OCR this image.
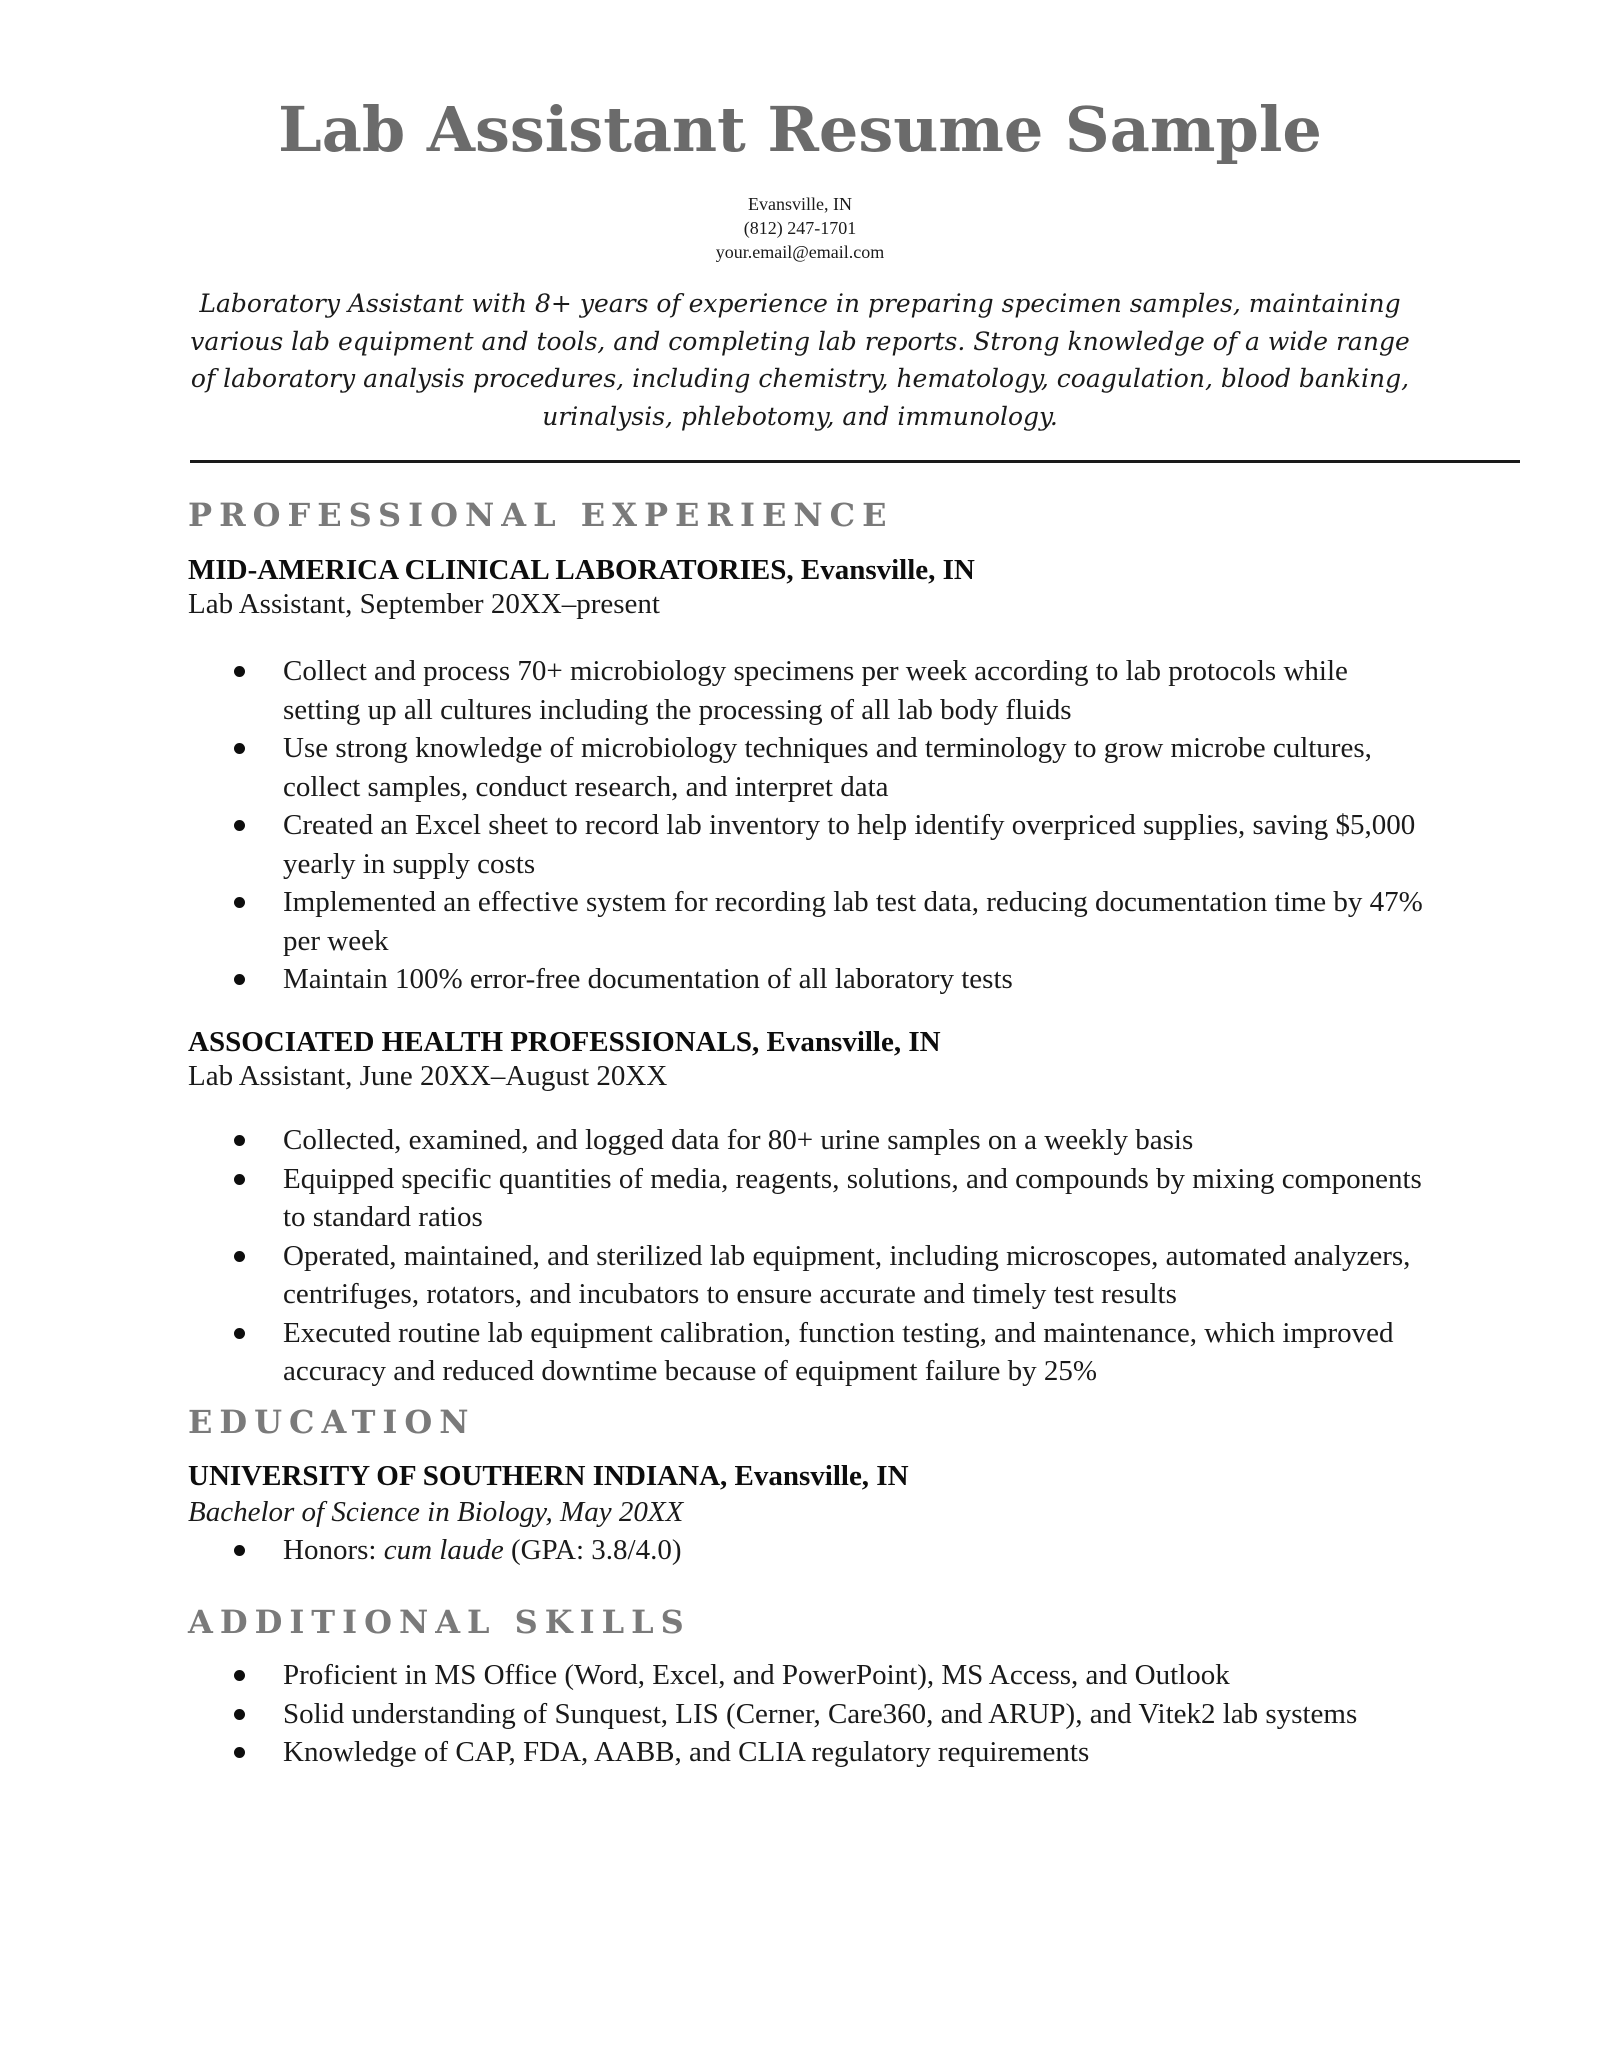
Lab Assistant Resume Sample
Evansville, IN
(812) 247-1701
your.email@email.com
Laboratory Assistant with 8+ years of experience in preparing specimen samples, maintaining various lab equipment and tools, and completing lab reports. Strong knowledge of a wide range of laboratory analysis procedures, including chemistry, hematology, coagulation, blood banking, urinalysis, phlebotomy, and immunology.
PROFESSIONAL EXPERIENCE
MID-AMERICA CLINICAL LABORATORIES, Evansville, IN
Lab Assistant, September 20XX–present
Collect and process 70+ microbiology specimens per week according to lab protocols while setting up all cultures including the processing of all lab body fluids
Use strong knowledge of microbiology techniques and terminology to grow microbe cultures, collect samples, conduct research, and interpret data
Created an Excel sheet to record lab inventory to help identify overpriced supplies, saving $5,000 yearly in supply costs
Implemented an effective system for recording lab test data, reducing documentation time by 47% per week
Maintain 100% error-free documentation of all laboratory tests
ASSOCIATED HEALTH PROFESSIONALS, Evansville, IN
Lab Assistant, June 20XX–August 20XX
Collected, examined, and logged data for 80+ urine samples on a weekly basis
Equipped specific quantities of media, reagents, solutions, and compounds by mixing components to standard ratios
Operated, maintained, and sterilized lab equipment, including microscopes, automated analyzers, centrifuges, rotators, and incubators to ensure accurate and timely test results
Executed routine lab equipment calibration, function testing, and maintenance, which improved accuracy and reduced downtime because of equipment failure by 25%
EDUCATION
UNIVERSITY OF SOUTHERN INDIANA, Evansville, IN
Bachelor of Science in Biology, May 20XX
Honors: cum laude (GPA: 3.8/4.0)
ADDITIONAL SKILLS
Proficient in MS Office (Word, Excel, and PowerPoint), MS Access, and Outlook
Solid understanding of Sunquest, LIS (Cerner, Care360, and ARUP), and Vitek2 lab systems
Knowledge of CAP, FDA, AABB, and CLIA regulatory requirements
